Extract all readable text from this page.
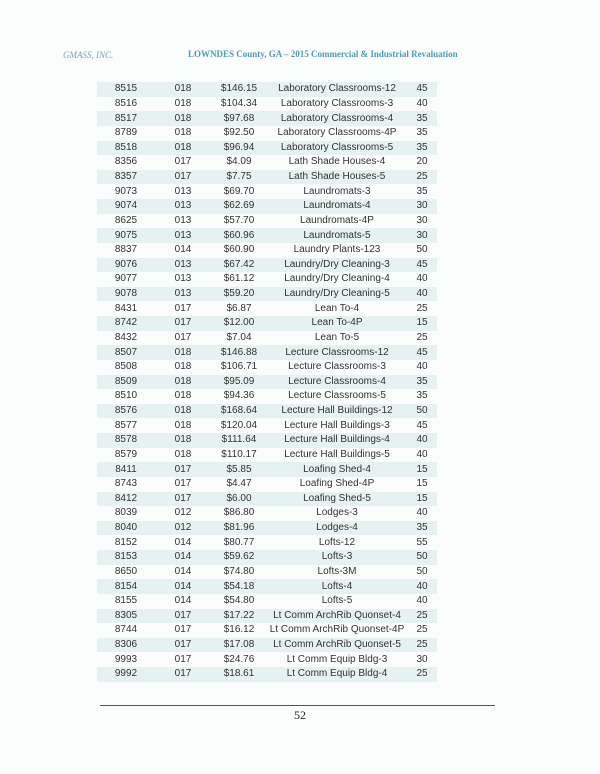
GMASS, INC.	LOWNDES County, GA – 2015 Commercial & Industrial Revaluation
8515	018	$146.15	Laboratory Classrooms-12	45
8516	018	$104.34	Laboratory Classrooms-3	40
8517	018	$97.68	Laboratory Classrooms-4	35
8789	018	$92.50	Laboratory Classrooms-4P	35
8518	018	$96.94	Laboratory Classrooms-5	35
8356	017	$4.09	Lath Shade Houses-4	20
8357	017	$7.75	Lath Shade Houses-5	25
9073	013	$69.70	Laundromats-3	35
9074	013	$62.69	Laundromats-4	30
8625	013	$57.70	Laundromats-4P	30
9075	013	$60.96	Laundromats-5	30
8837	014	$60.90	Laundry Plants-123	50
9076	013	$67.42	Laundry/Dry Cleaning-3	45
9077	013	$61.12	Laundry/Dry Cleaning-4	40
9078	013	$59.20	Laundry/Dry Cleaning-5	40
8431	017	$6.87	Lean To-4	25
8742	017	$12.00	Lean To-4P	15
8432	017	$7.04	Lean To-5	25
8507	018	$146.88	Lecture Classrooms-12	45
8508	018	$106.71	Lecture Classrooms-3	40
8509	018	$95.09	Lecture Classrooms-4	35
8510	018	$94.36	Lecture Classrooms-5	35
8576	018	$168.64	Lecture Hall Buildings-12	50
8577	018	$120.04	Lecture Hall Buildings-3	45
8578	018	$111.64	Lecture Hall Buildings-4	40
8579	018	$110.17	Lecture Hall Buildings-5	40
8411	017	$5.85	Loafing Shed-4	15
8743	017	$4.47	Loafing Shed-4P	15
8412	017	$6.00	Loafing Shed-5	15
8039	012	$86.80	Lodges-3	40
8040	012	$81.96	Lodges-4	35
8152	014	$80.77	Lofts-12	55
8153	014	$59.62	Lofts-3	50
8650	014	$74.80	Lofts-3M	50
8154	014	$54.18	Lofts-4	40
8155	014	$54.80	Lofts-5	40
8305	017	$17.22	Lt Comm ArchRib Quonset-4	25
8744	017	$16.12	Lt Comm ArchRib Quonset-4P	25
8306	017	$17.08	Lt Comm ArchRib Quonset-5	25
9993	017	$24.76	Lt Comm Equip Bldg-3	30
9992	017	$18.61	Lt Comm Equip Bldg-4	25
52
